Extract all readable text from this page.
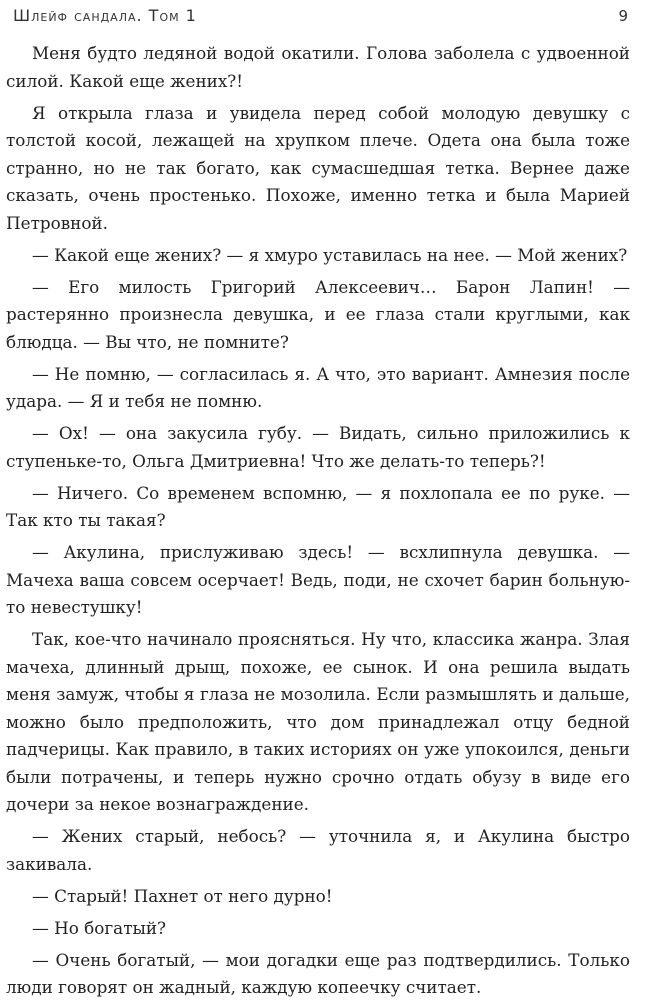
Шлейф сандала. Том 1	9

Меня будто ледяной водой окатили. Голова заболела с удвоенной силой. Какой еще жених?!

Я открыла глаза и увидела перед собой молодую девушку с толстой косой, лежащей на хрупком плече. Одета она была тоже странно, но не так богато, как сумасшедшая тетка. Вернее даже сказать, очень простенько. Похоже, именно тетка и была Марией Петровной.

— Какой еще жених? — я хмуро уставилась на нее. — Мой жених?

— Его милость Григорий Алексеевич… Барон Лапин! — растерянно произнесла девушка, и ее глаза стали круглыми, как блюдца. — Вы что, не помните?

— Не помню, — согласилась я. А что, это вариант. Амнезия после удара. — Я и тебя не помню.

— Ох! — она закусила губу. — Видать, сильно приложились к ступеньке-то, Ольга Дмитриевна! Что же делать-то теперь?!

— Ничего. Со временем вспомню, — я похлопала ее по руке. — Так кто ты такая?

— Акулина, прислуживаю здесь! — всхлипнула девушка. — Мачеха ваша совсем осерчает! Ведь, поди, не схочет барин больную-то невестушку!

Так, кое-что начинало проясняться. Ну что, классика жанра. Злая мачеха, длинный дрыщ, похоже, ее сынок. И она решила выдать меня замуж, чтобы я глаза не мозолила. Если размышлять и дальше, можно было предположить, что дом принадлежал отцу бедной падчерицы. Как правило, в таких историях он уже упокоился, деньги были потрачены, и теперь нужно срочно отдать обузу в виде его дочери за некое вознаграждение.

— Жених старый, небось? — уточнила я, и Акулина быстро закивала.

— Старый! Пахнет от него дурно!

— Но богатый?

— Очень богатый, — мои догадки еще раз подтвердились. Только люди говорят он жадный, каждую копеечку считает.
